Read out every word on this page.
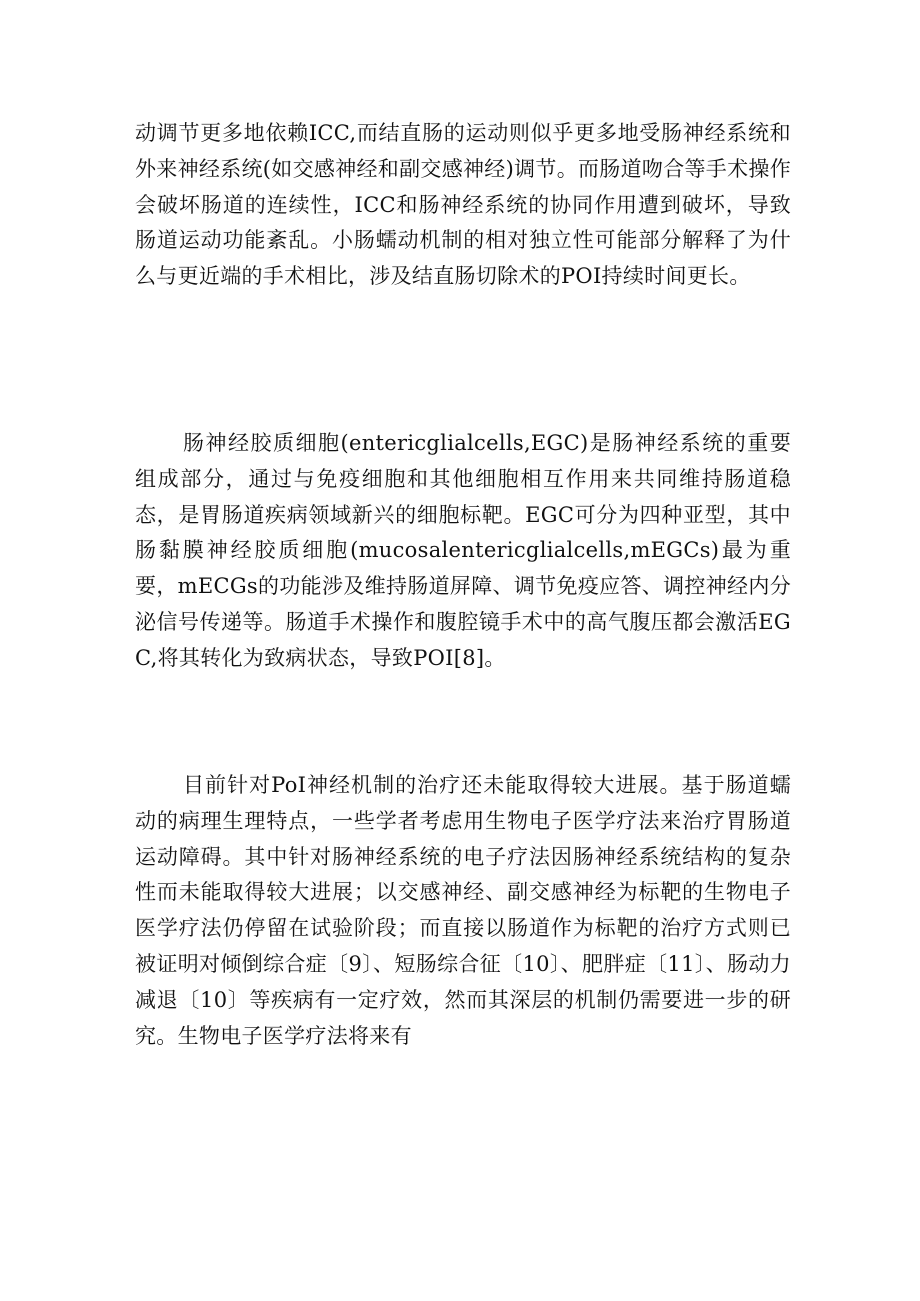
动调节更多地依赖ICC,而结直肠的运动则似乎更多地受肠神经系统和外来神经系统(如交感神经和副交感神经)调节。而肠道吻合等手术操作会破坏肠道的连续性，ICC和肠神经系统的协同作用遭到破坏，导致肠道运动功能紊乱。小肠蠕动机制的相对独立性可能部分解释了为什么与更近端的手术相比，涉及结直肠切除术的POI持续时间更长。

肠神经胶质细胞(entericglialcells,EGC)是肠神经系统的重要组成部分，通过与免疫细胞和其他细胞相互作用来共同维持肠道稳态，是胃肠道疾病领域新兴的细胞标靶。EGC可分为四种亚型，其中肠黏膜神经胶质细胞(mucosalentericglialcells,mEGCs)最为重要，mECGs的功能涉及维持肠道屏障、调节免疫应答、调控神经内分泌信号传递等。肠道手术操作和腹腔镜手术中的高气腹压都会激活EGC,将其转化为致病状态，导致POI[8]。

目前针对PoI神经机制的治疗还未能取得较大进展。基于肠道蠕动的病理生理特点，一些学者考虑用生物电子医学疗法来治疗胃肠道运动障碍。其中针对肠神经系统的电子疗法因肠神经系统结构的复杂性而未能取得较大进展；以交感神经、副交感神经为标靶的生物电子医学疗法仍停留在试验阶段；而直接以肠道作为标靶的治疗方式则已被证明对倾倒综合症〔9〕、短肠综合征〔10〕、肥胖症〔11〕、肠动力减退〔10〕等疾病有一定疗效，然而其深层的机制仍需要进一步的研究。生物电子医学疗法将来有
